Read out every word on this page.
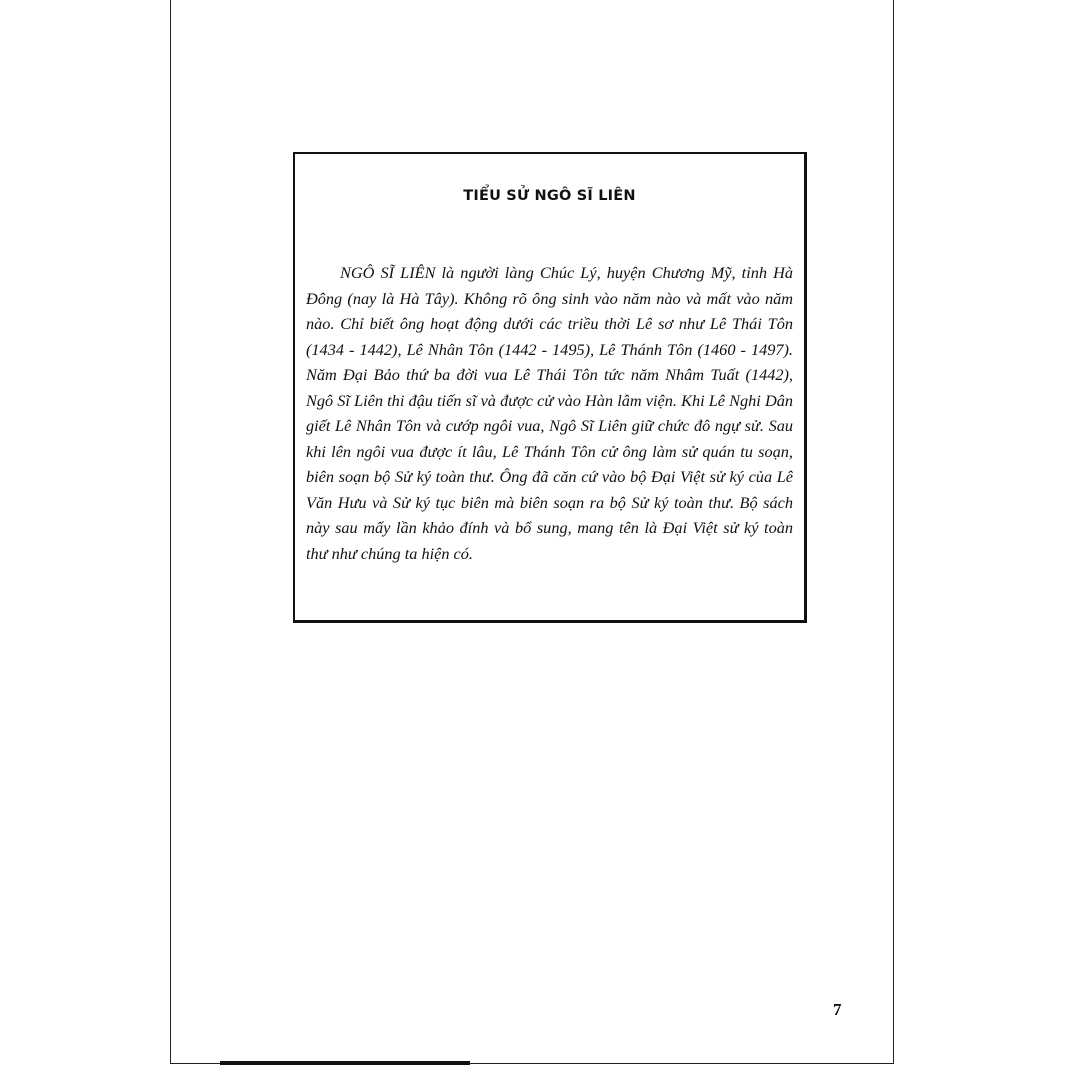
TIỂU SỬ NGÔ SĨ LIÊN

NGÔ SĨ LIÊN là người làng Chúc Lý, huyện Chương Mỹ, tỉnh Hà Đông (nay là Hà Tây). Không rõ ông sinh vào năm nào và mất vào năm nào. Chỉ biết ông hoạt động dưới các triều thời Lê sơ như Lê Thái Tôn (1434 - 1442), Lê Nhân Tôn (1442 - 1495), Lê Thánh Tôn (1460 - 1497). Năm Đại Bảo thứ ba đời vua Lê Thái Tôn tức năm Nhâm Tuất (1442), Ngô Sĩ Liên thi đậu tiến sĩ và được cử vào Hàn lâm viện. Khi Lê Nghi Dân giết Lê Nhân Tôn và cướp ngôi vua, Ngô Sĩ Liên giữ chức đô ngự sử. Sau khi lên ngôi vua được ít lâu, Lê Thánh Tôn cử ông làm sử quán tu soạn, biên soạn bộ Sử ký toàn thư. Ông đã căn cứ vào bộ Đại Việt sử ký của Lê Văn Hưu và Sử ký tục biên mà biên soạn ra bộ Sử ký toàn thư. Bộ sách này sau mấy lần khảo đính và bổ sung, mang tên là Đại Việt sử ký toàn thư như chúng ta hiện có.

7
